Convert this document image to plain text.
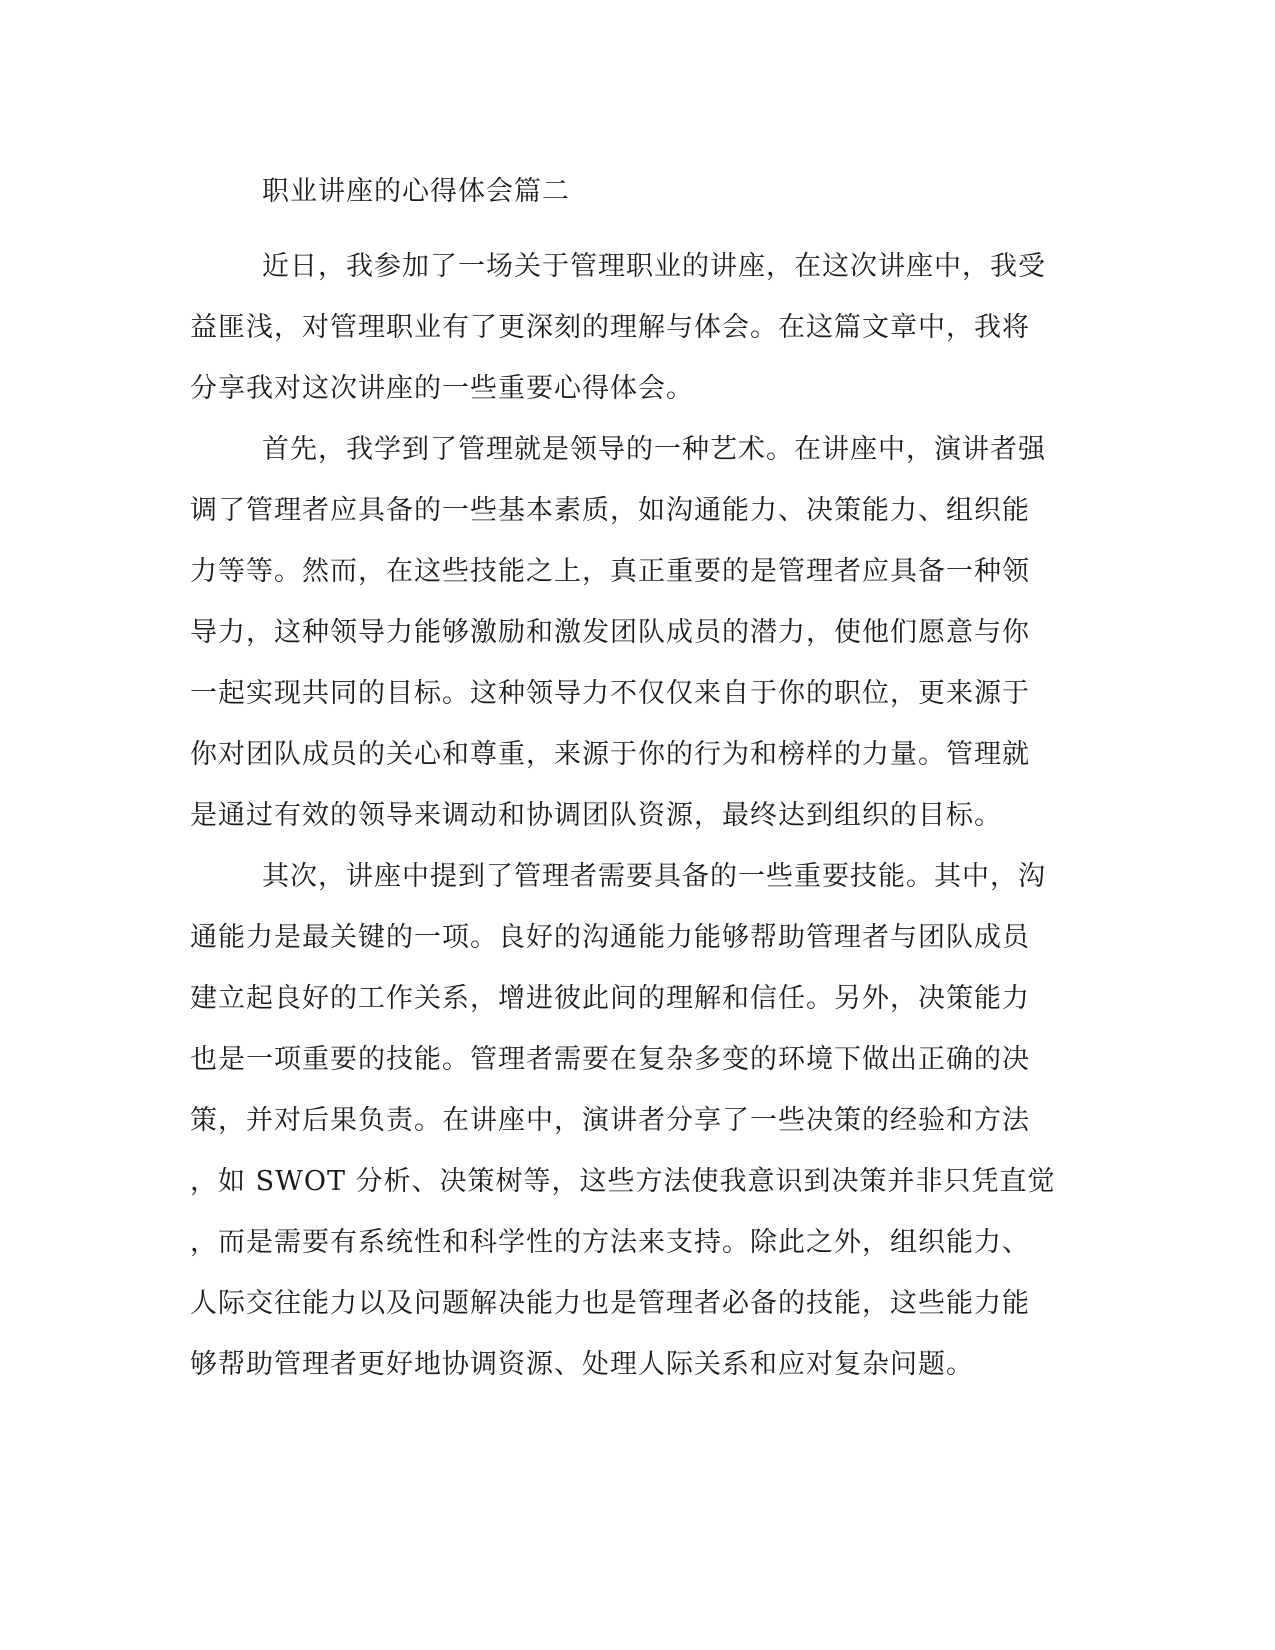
职业讲座的心得体会篇二
近日，我参加了一场关于管理职业的讲座，在这次讲座中，我受
益匪浅，对管理职业有了更深刻的理解与体会。在这篇文章中，我将
分享我对这次讲座的一些重要心得体会。
首先，我学到了管理就是领导的一种艺术。在讲座中，演讲者强
调了管理者应具备的一些基本素质，如沟通能力、决策能力、组织能
力等等。然而，在这些技能之上，真正重要的是管理者应具备一种领
导力，这种领导力能够激励和激发团队成员的潜力，使他们愿意与你
一起实现共同的目标。这种领导力不仅仅来自于你的职位，更来源于
你对团队成员的关心和尊重，来源于你的行为和榜样的力量。管理就
是通过有效的领导来调动和协调团队资源，最终达到组织的目标。
其次，讲座中提到了管理者需要具备的一些重要技能。其中，沟
通能力是最关键的一项。良好的沟通能力能够帮助管理者与团队成员
建立起良好的工作关系，增进彼此间的理解和信任。另外，决策能力
也是一项重要的技能。管理者需要在复杂多变的环境下做出正确的决
策，并对后果负责。在讲座中，演讲者分享了一些决策的经验和方法
，如 SWOT 分析、决策树等，这些方法使我意识到决策并非只凭直觉
，而是需要有系统性和科学性的方法来支持。除此之外，组织能力、
人际交往能力以及问题解决能力也是管理者必备的技能，这些能力能
够帮助管理者更好地协调资源、处理人际关系和应对复杂问题。
